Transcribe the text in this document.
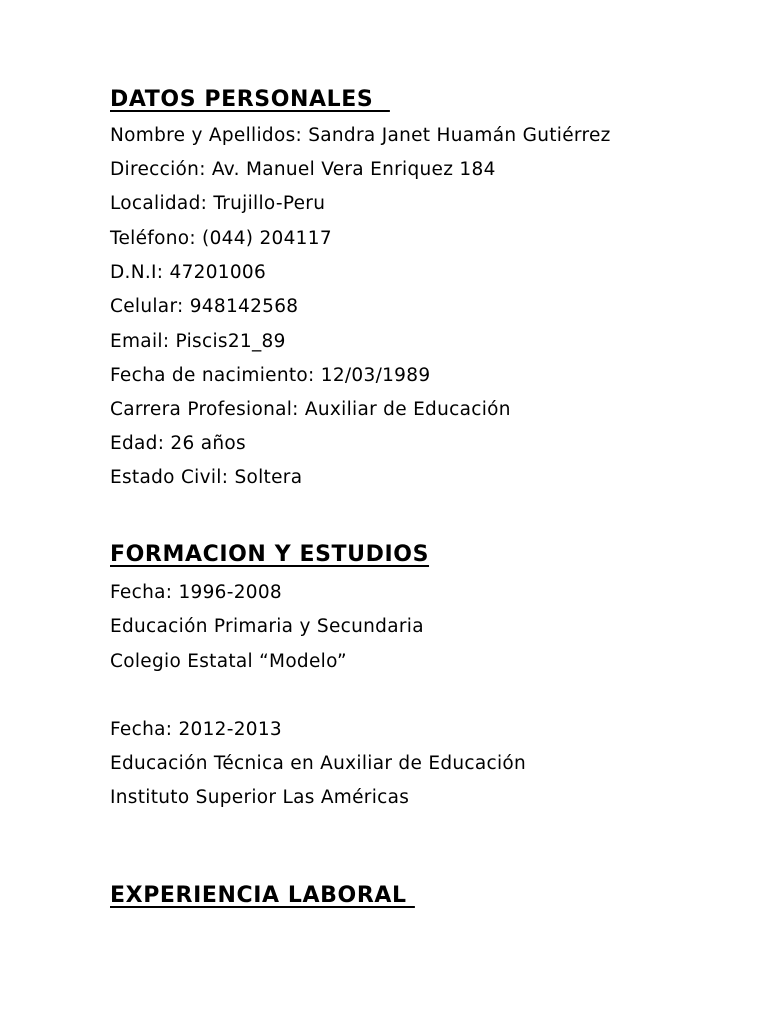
DATOS PERSONALES

Nombre y Apellidos: Sandra Janet Huamán Gutiérrez

Dirección: Av. Manuel Vera Enriquez 184

Localidad: Trujillo-Peru

Teléfono: (044) 204117

D.N.I: 47201006

Celular: 948142568

Email: Piscis21_89

Fecha de nacimiento: 12/03/1989

Carrera Profesional: Auxiliar de Educación

Edad: 26 años

Estado Civil: Soltera

FORMACION Y ESTUDIOS

Fecha: 1996-2008

Educación Primaria y Secundaria

Colegio Estatal “Modelo”

Fecha: 2012-2013

Educación Técnica en Auxiliar de Educación

Instituto Superior Las Américas

EXPERIENCIA LABORAL
